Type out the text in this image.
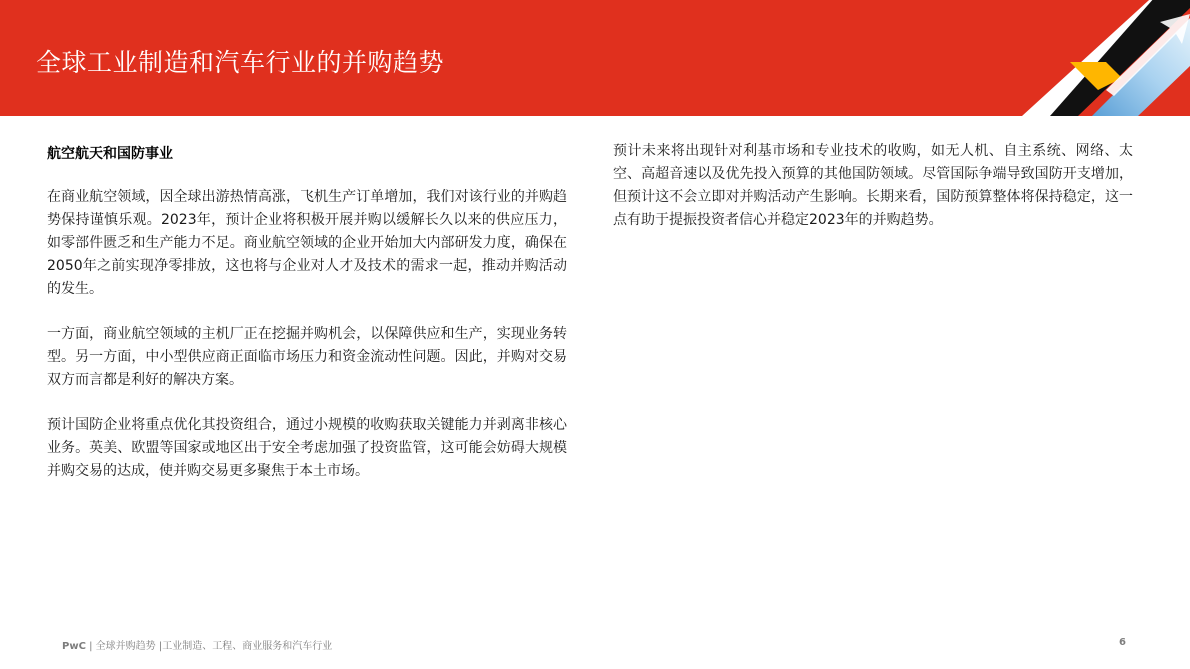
全球工业制造和汽车行业的并购趋势
航空航天和国防事业

在商业航空领域，因全球出游热情高涨，飞机生产订单增加，我们对该行业的并购趋势保持谨慎乐观。2023年，预计企业将积极开展并购以缓解长久以来的供应压力，如零部件匮乏和生产能力不足。商业航空领域的企业开始加大内部研发力度，确保在2050年之前实现净零排放，这也将与企业对人才及技术的需求一起，推动并购活动的发生。

一方面，商业航空领域的主机厂正在挖掘并购机会，以保障供应和生产，实现业务转型。另一方面，中小型供应商正面临市场压力和资金流动性问题。因此，并购对交易双方而言都是利好的解决方案。

预计国防企业将重点优化其投资组合，通过小规模的收购获取关键能力并剥离非核心业务。英美、欧盟等国家或地区出于安全考虑加强了投资监管，这可能会妨碍大规模并购交易的达成，使并购交易更多聚焦于本土市场。

预计未来将出现针对利基市场和专业技术的收购，如无人机、自主系统、网络、太空、高超音速以及优先投入预算的其他国防领域。尽管国际争端导致国防开支增加，但预计这不会立即对并购活动产生影响。长期来看，国防预算整体将保持稳定，这一点有助于提振投资者信心并稳定2023年的并购趋势。

PwC | 全球并购趋势 |工业制造、工程、商业服务和汽车行业	6
